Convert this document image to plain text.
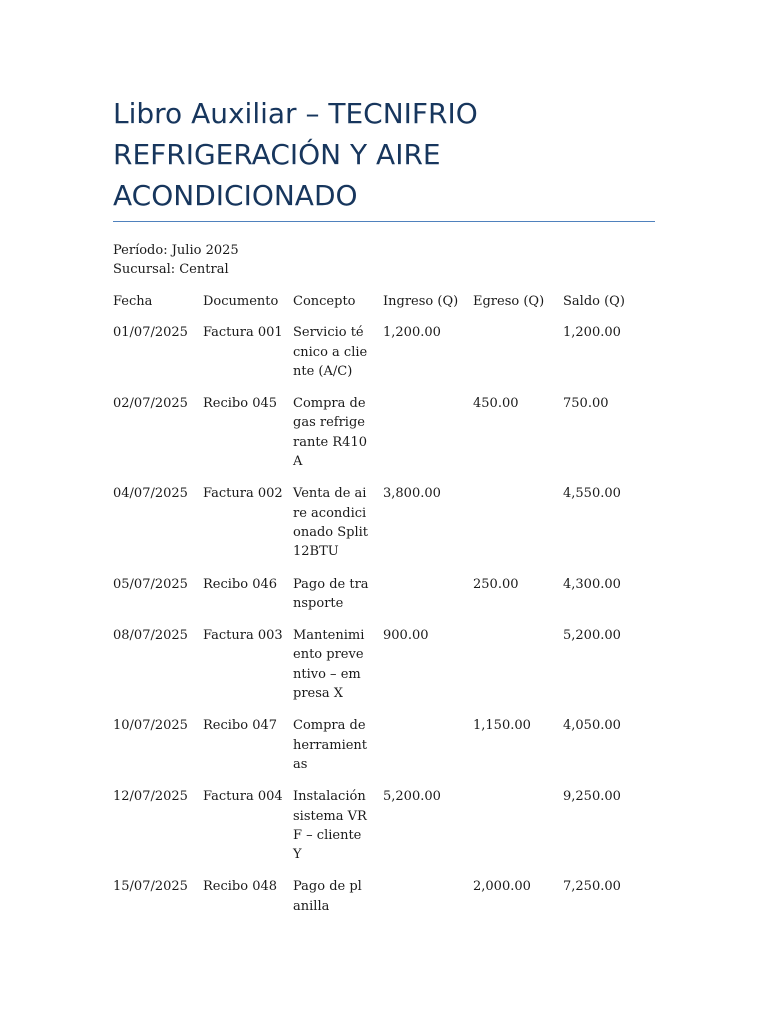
Libro Auxiliar – TECNIFRIO REFRIGERACIÓN Y AIRE ACONDICIONADO
Período: Julio 2025
Sucursal: Central
Fecha	Documento	Concepto	Ingreso (Q)	Egreso (Q)	Saldo (Q)
01/07/2025	Factura 001	Servicio técnico a cliente (A/C)	1,200.00		1,200.00
02/07/2025	Recibo 045	Compra de gas refrigerante R410A		450.00	750.00
04/07/2025	Factura 002	Venta de aire acondicionado Split 12BTU	3,800.00		4,550.00
05/07/2025	Recibo 046	Pago de transporte		250.00	4,300.00
08/07/2025	Factura 003	Mantenimiento preventivo – empresa X	900.00		5,200.00
10/07/2025	Recibo 047	Compra de herramientas		1,150.00	4,050.00
12/07/2025	Factura 004	Instalación sistema VRF – cliente Y	5,200.00		9,250.00
15/07/2025	Recibo 048	Pago de planilla		2,000.00	7,250.00
